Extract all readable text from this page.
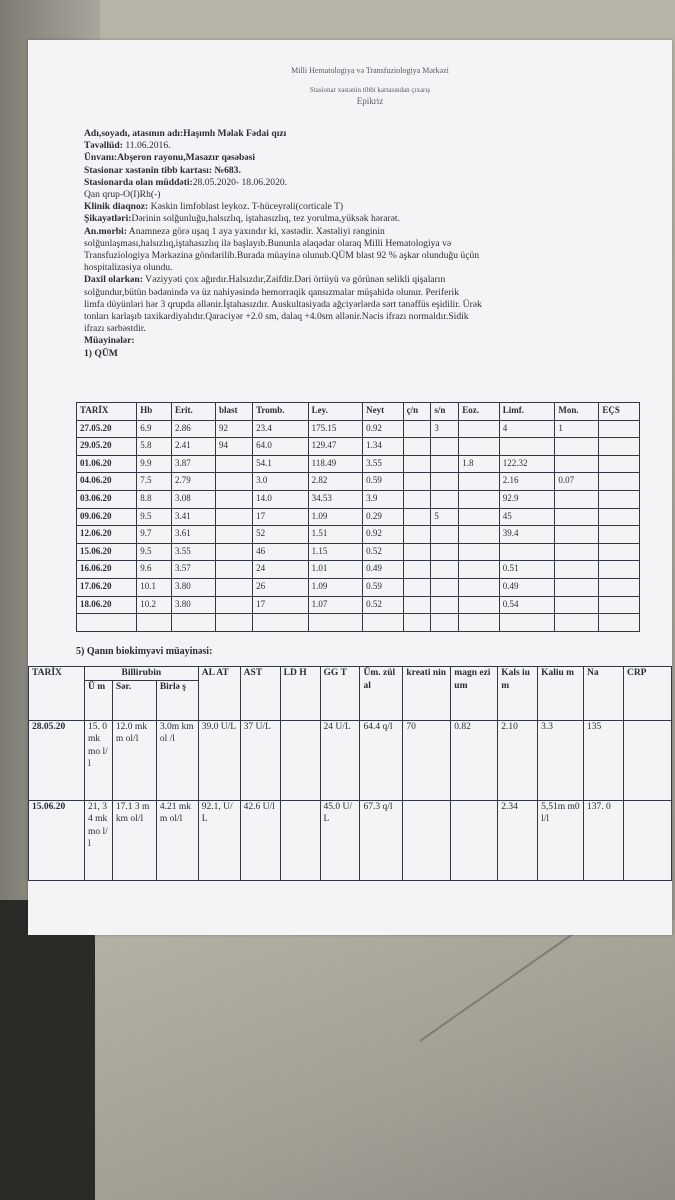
Milli Hematologiya və Transfuziologiya Mərkəzi
Stasionar xəstənin tibbi kartasından çıxarış
Epikriz
Adı,soyadı, atasının adı:Haşımlı Məlak Fədai qızı
Təvəllüd: 11.06.2016.
Ünvanı:Abşeron rayonu,Masazır qəsəbəsi
Stasionar xəstənin tibb kartası: №683.
Stasionarda olan müddəti:28.05.2020- 18.06.2020.
Qan qrup-O(I)Rh(-)
Klinik diaqnoz: Kəskin limfoblast leykoz. T-hüceyrəli(corticale T)
Şikayətləri:Dərinin solğunluğu,halsızlıq, iştahasızlıq, tez yorulma,yüksək hərarət.
An.morbi: Anamnezə görə uşaq 1 aya yaxındır ki, xəstədir. Xəstəliyi rənginin
solğunlaşması,halsızlıq,iştahasızlıq ilə başlayıb.Bununla əlaqədar olaraq Milli Hematologiya və
Transfuziologiya Mərkəzinə göndərilib.Burada müayinə olunub.QÜM blast 92 % aşkar olunduğu üçün
hospitalizasiya olundu.
Daxil olarkən: Vəziyyəti çox ağırdır.Halsızdır,Zəifdir.Dəri örtüyü və görünən selikli qişaların
solğundur,bütün bədənində və üz nahiyəsində hemorraqik qansızmalar müşahidə olunur. Periferik
limfa düyünləri hər 3 qrupda əllənir.İştahasızdır. Auskultasiyada ağciyərlərdə sərt tənəffüs eşidilir. Ürək
tonları karlaşıb taxikardiyalıdır.Qaraciyər +2.0 sm, dalaq +4.0sm əllənir.Nəcis ifrazı normaldır.Sidik
ifrazı sərbəstdir.
Müayinələr:
1) QÜM
TARİX	Hb	Erit.	blast	Tromb.	Ley.	Neyt	ç/n	s/n	Eoz.	Limf.	Mon.	EÇS
27.05.20	6.9	2.86	92	23.4	175.15	0.92		3		4	1	
29.05.20	5.8	2.41	94	64.0	129.47	1.34						
01.06.20	9.9	3.87		54.1	118.49	3.55			1.8	122.32		
04.06.20	7.5	2.79		3.0	2.82	0.59				2.16	0.07	
03.06.20	8.8	3.08		14.0	34.53	3.9				92.9		
09.06.20	9.5	3.41		17	1.09	0.29		5		45		
12.06.20	9.7	3.61		52	1.51	0.92				39.4		
15.06.20	9.5	3.55		46	1.15	0.52						
16.06.20	9.6	3.57		24	1.01	0.49				0.51		
17.06.20	10.1	3.80		26	1.09	0.59				0.49		
18.06.20	10.2	3.80		17	1.07	0.52				0.54		

5) Qanın biokimyəvi müayinəsi:
TARİX	Billirubin			AL AT	AST	LD H	GG T	Üm. zülal	kreati nin	magn ezium	Kals ium	Kaliu m	Na	CRP
	Ü m	Sər.	Birlə ş											
28.05.20	15. 0 mk mo l/l	12.0 mkm ol/l	3.0m kmol /l	39.0 U/L	37 U/L		24 U/L	64.4 q/l	70	0.82	2.10	3.3	135	
15.06.20	21, 34 mk mo l/l	17.1 3 mkm ol/l	4.21 mkm ol/l	92.1, U/L	42.6 U/l		45.0 U/L	67.3 q/l			2.34	5,51m m0l/l	137. 0	
